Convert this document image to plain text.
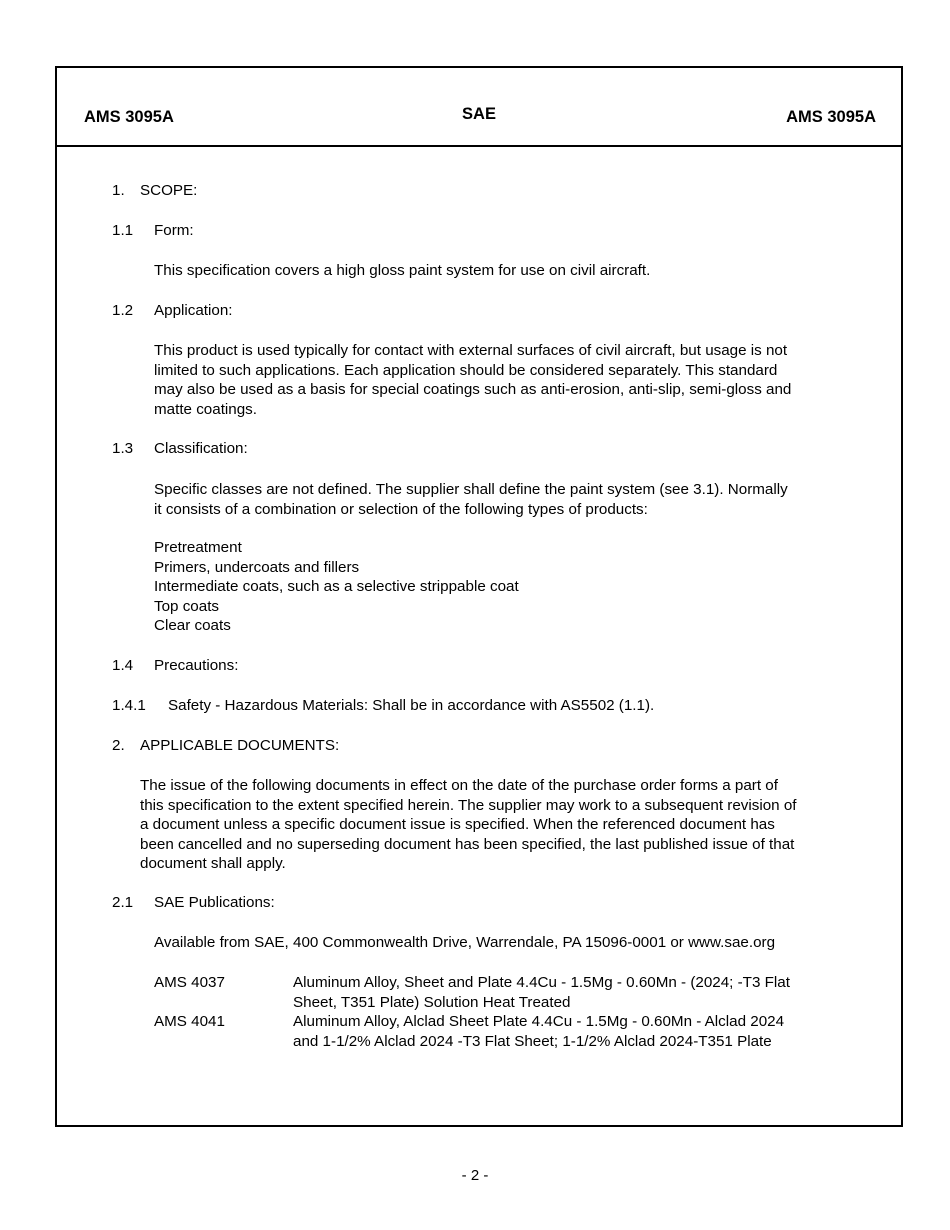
AMS 3095A	SAE	AMS 3095A
1. SCOPE:
1.1 Form:
This specification covers a high gloss paint system for use on civil aircraft.
1.2 Application:
This product is used typically for contact with external surfaces of civil aircraft, but usage is not
limited to such applications. Each application should be considered separately. This standard
may also be used as a basis for special coatings such as anti-erosion, anti-slip, semi-gloss and
matte coatings.
1.3 Classification:
Specific classes are not defined. The supplier shall define the paint system (see 3.1). Normally
it consists of a combination or selection of the following types of products:
Pretreatment
Primers, undercoats and fillers
Intermediate coats, such as a selective strippable coat
Top coats
Clear coats
1.4 Precautions:
1.4.1 Safety - Hazardous Materials: Shall be in accordance with AS5502 (1.1).
2. APPLICABLE DOCUMENTS:
The issue of the following documents in effect on the date of the purchase order forms a part of
this specification to the extent specified herein. The supplier may work to a subsequent revision of
a document unless a specific document issue is specified. When the referenced document has
been cancelled and no superseding document has been specified, the last published issue of that
document shall apply.
2.1 SAE Publications:
Available from SAE, 400 Commonwealth Drive, Warrendale, PA 15096-0001 or www.sae.org
AMS 4037	Aluminum Alloy, Sheet and Plate 4.4Cu - 1.5Mg - 0.60Mn - (2024; -T3 Flat
Sheet, T351 Plate) Solution Heat Treated
AMS 4041	Aluminum Alloy, Alclad Sheet Plate 4.4Cu - 1.5Mg - 0.60Mn - Alclad 2024
and 1-1/2% Alclad 2024 -T3 Flat Sheet; 1-1/2% Alclad 2024-T351 Plate
- 2 -
